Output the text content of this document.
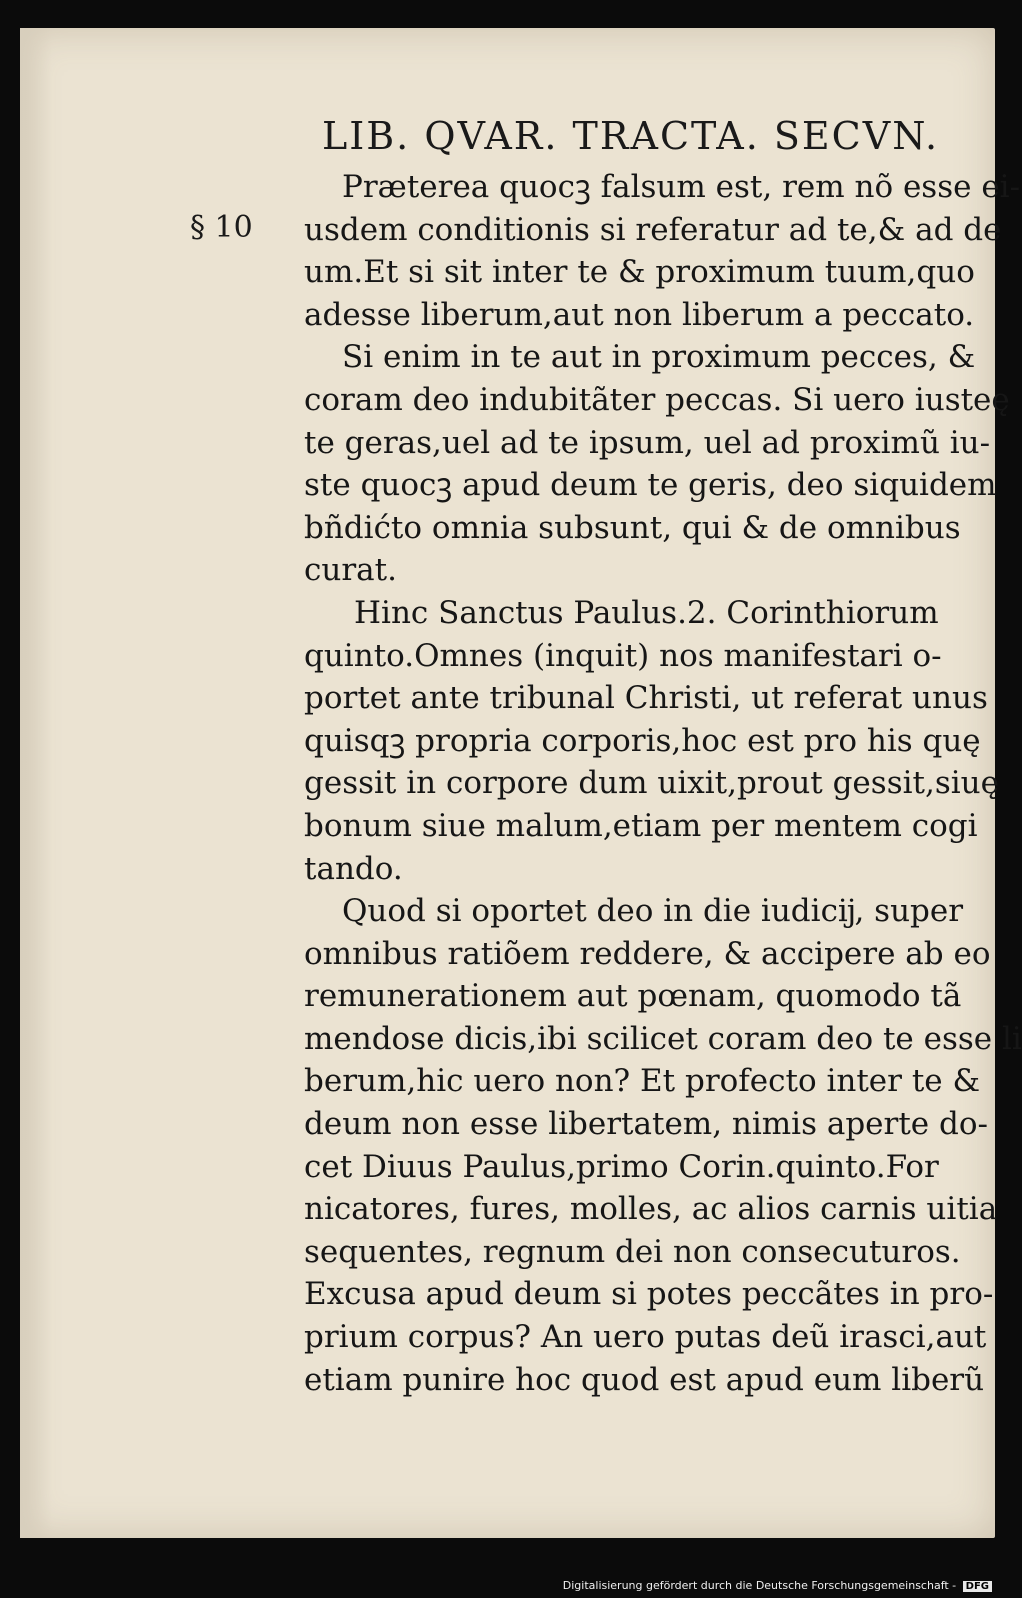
LIB. QVAR. TRACTA. SECVN.
§ 10
Præterea quocꝫ falsum est, rem nõ esse ei-
usdem conditionis si referatur ad te,& ad de
um.Et si sit inter te & proximum tuum,quo
adesse liberum,aut non liberum a peccato.
Si enim in te aut in proximum pecces, &
coram deo indubitãter peccas. Si uero iusteę
te geras,uel ad te ipsum, uel ad proximũ iu-
ste quocꝫ apud deum te geris, deo siquidem
bñdićto omnia subsunt, qui & de omnibus
curat.
Hinc Sanctus Paulus.2. Corinthiorum
quinto.Omnes (inquit) nos manifestari o-
portet ante tribunal Christi, ut referat unus
quisqꝫ propria corporis,hoc est pro his quę
gessit in corpore dum uixit,prout gessit,siuę
bonum siue malum,etiam per mentem cogi
tando.
Quod si oportet deo in die iudicĳ, super
omnibus ratiõem reddere, & accipere ab eo
remunerationem aut pœnam, quomodo tã
mendose dicis,ibi scilicet coram deo te esse li
berum,hic uero non? Et profecto inter te &
deum non esse libertatem, nimis aperte do-
cet Diuus Paulus,primo Corin.quinto.For
nicatores, fures, molles, ac alios carnis uitia
sequentes, regnum dei non consecuturos.
Excusa apud deum si potes peccãtes in pro-
prium corpus? An uero putas deũ irasci,aut
etiam punire hoc quod est apud eum liberũ
Digitalisierung gefördert durch die Deutsche Forschungsgemeinschaft - DFG
